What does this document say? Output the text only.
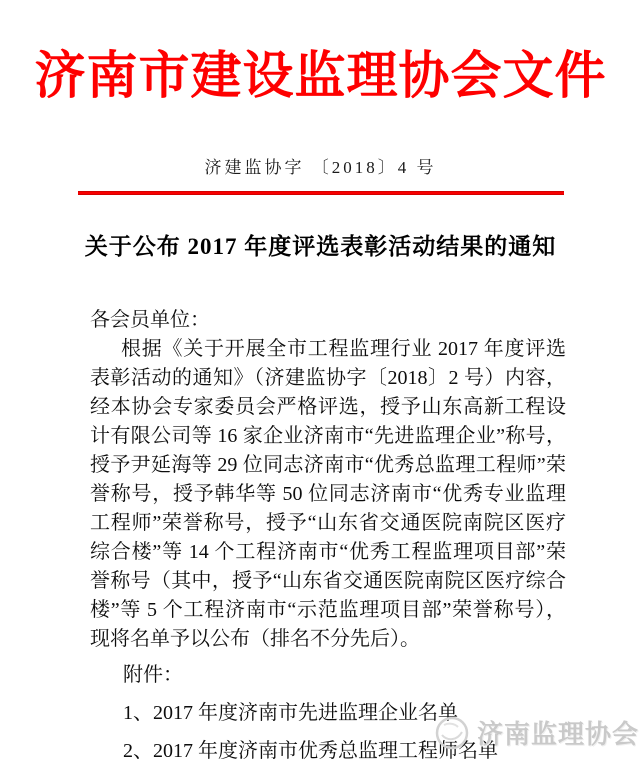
济南市建设监理协会文件
济建监协字 〔2018〕4 号
关于公布 2017 年度评选表彰活动结果的通知
各会员单位：

根据《关于开展全市工程监理行业 2017 年度评选表彰活动的通知》（济建监协字〔2018〕2 号）内容，经本协会专家委员会严格评选，授予山东高新工程设计有限公司等 16 家企业济南市“先进监理企业”称号，授予尹延海等 29 位同志济南市“优秀总监理工程师”荣誉称号，授予韩华等 50 位同志济南市“优秀专业监理工程师”荣誉称号，授予“山东省交通医院南院区医疗综合楼”等 14 个工程济南市“优秀工程监理项目部”荣誉称号（其中，授予“山东省交通医院南院区医疗综合楼”等 5 个工程济南市“示范监理项目部”荣誉称号），现将名单予以公布（排名不分先后）。

附件：
1、2017 年度济南市先进监理企业名单
2、2017 年度济南市优秀总监理工程师名单
济南监理协会
